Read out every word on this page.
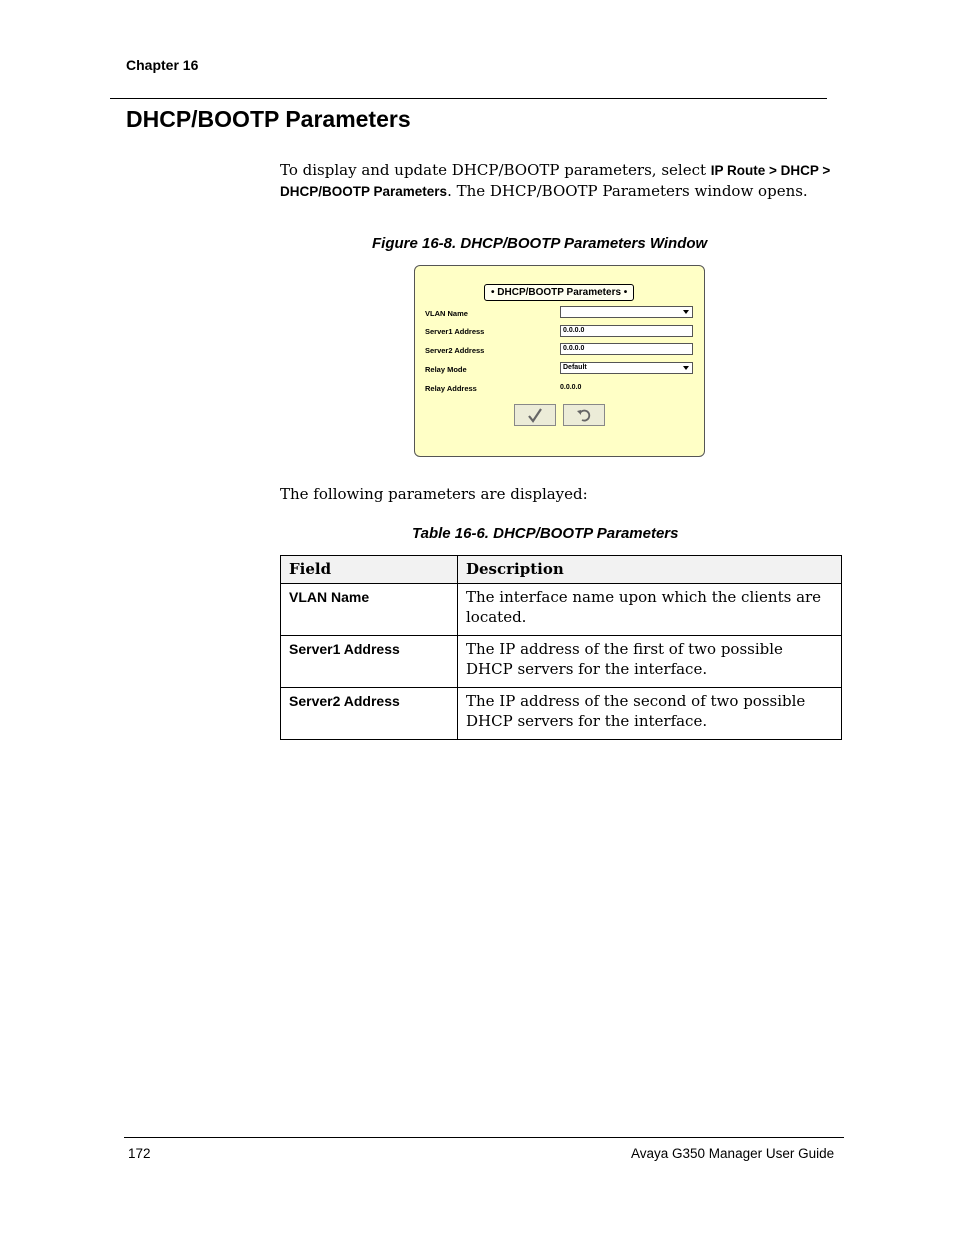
Chapter 16
DHCP/BOOTP Parameters
To display and update DHCP/BOOTP parameters, select IP Route > DHCP > DHCP/BOOTP Parameters. The DHCP/BOOTP Parameters window opens.
Figure 16-8. DHCP/BOOTP Parameters Window
• DHCP/BOOTP Parameters •
VLAN Name
Server1 Address	0.0.0.0
Server2 Address	0.0.0.0
Relay Mode	Default
Relay Address	0.0.0.0
The following parameters are displayed:
Table 16-6. DHCP/BOOTP Parameters
Field	Description
VLAN Name	The interface name upon which the clients are located.
Server1 Address	The IP address of the first of two possible DHCP servers for the interface.
Server2 Address	The IP address of the second of two possible DHCP servers for the interface.
172	Avaya G350 Manager User Guide
